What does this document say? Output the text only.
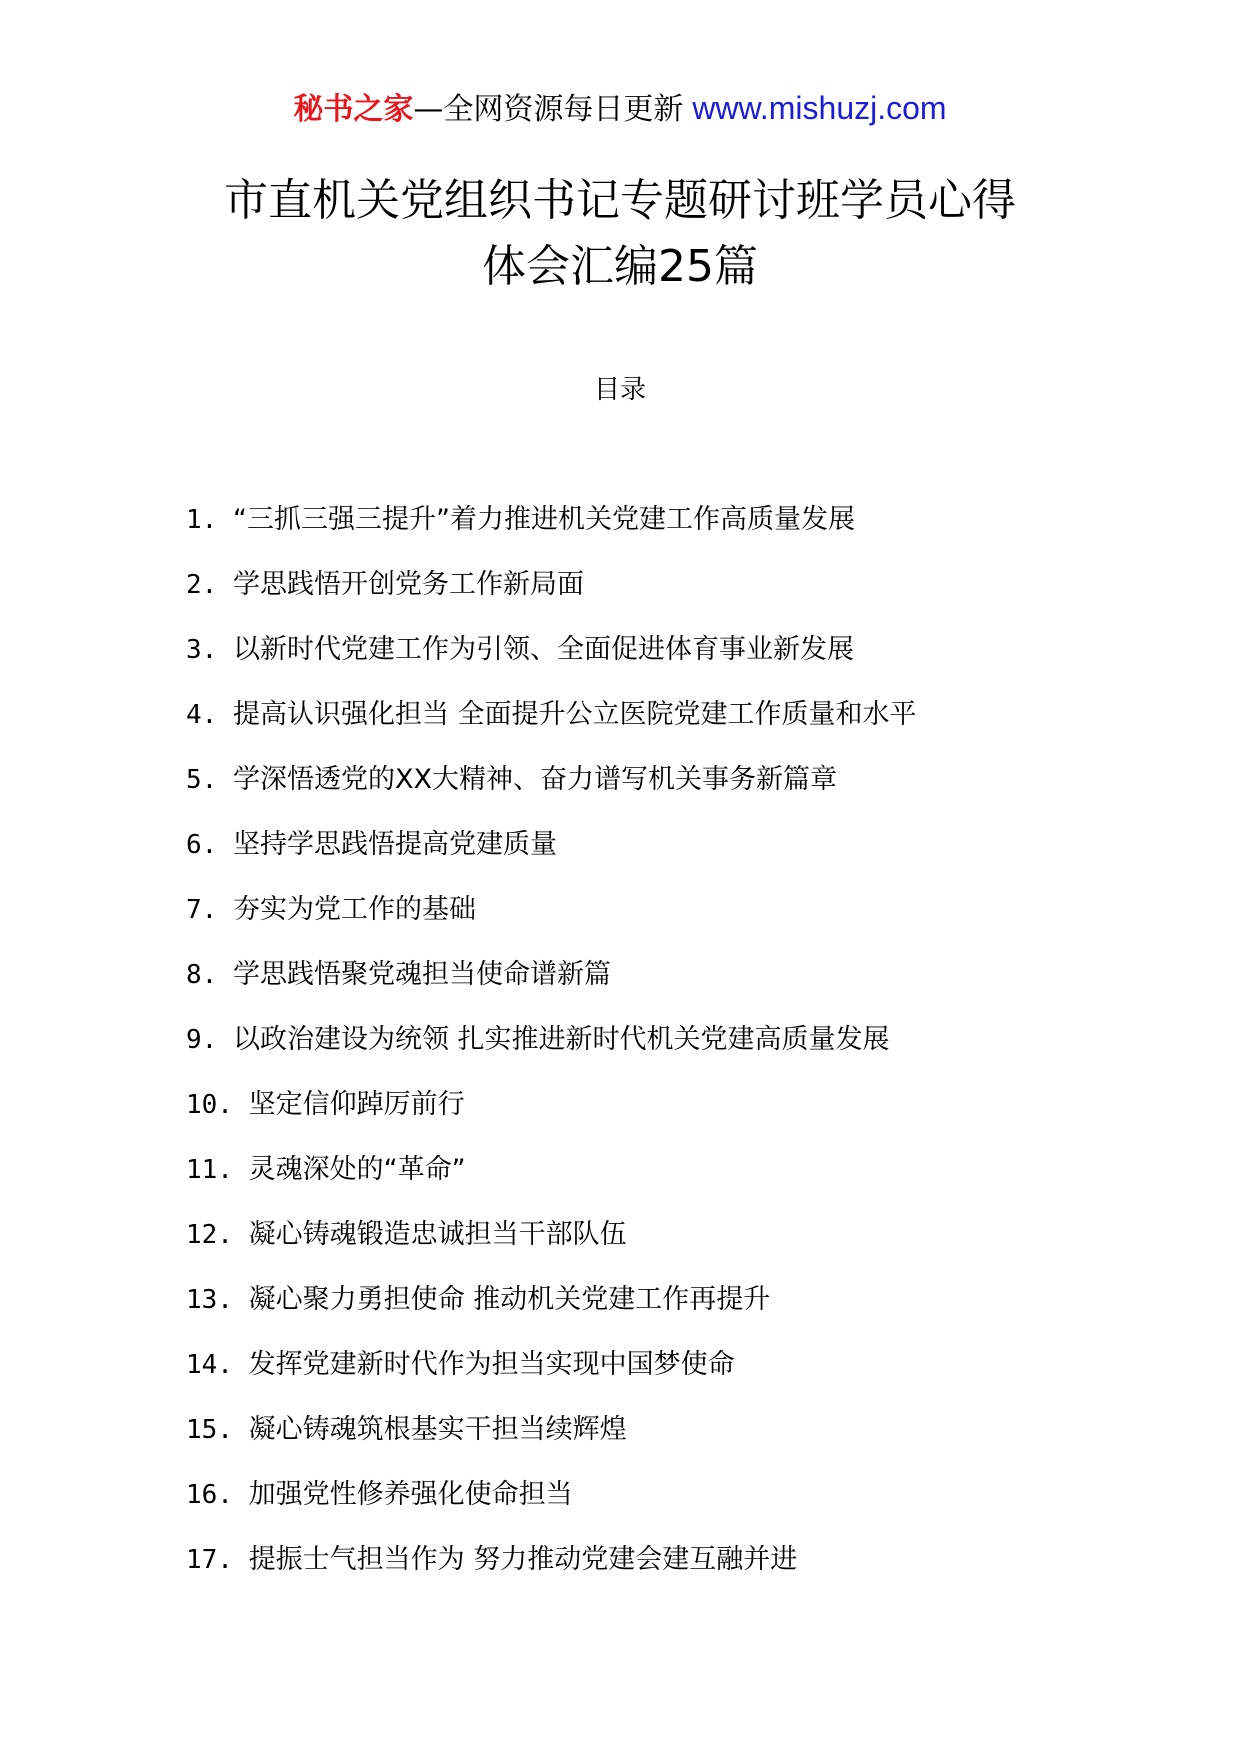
秘书之家—全网资源每日更新 www.mishuzj.com
市直机关党组织书记专题研讨班学员心得
体会汇编25篇
目录
1. “三抓三强三提升”着力推进机关党建工作高质量发展
2. 学思践悟开创党务工作新局面
3. 以新时代党建工作为引领、全面促进体育事业新发展
4. 提高认识强化担当 全面提升公立医院党建工作质量和水平
5. 学深悟透党的XX大精神、奋力谱写机关事务新篇章
6. 坚持学思践悟提高党建质量
7. 夯实为党工作的基础
8. 学思践悟聚党魂担当使命谱新篇
9. 以政治建设为统领 扎实推进新时代机关党建高质量发展
10. 坚定信仰踔厉前行
11. 灵魂深处的“革命”
12. 凝心铸魂锻造忠诚担当干部队伍
13. 凝心聚力勇担使命 推动机关党建工作再提升
14. 发挥党建新时代作为担当实现中国梦使命
15. 凝心铸魂筑根基实干担当续辉煌
16. 加强党性修养强化使命担当
17. 提振士气担当作为 努力推动党建会建互融并进
